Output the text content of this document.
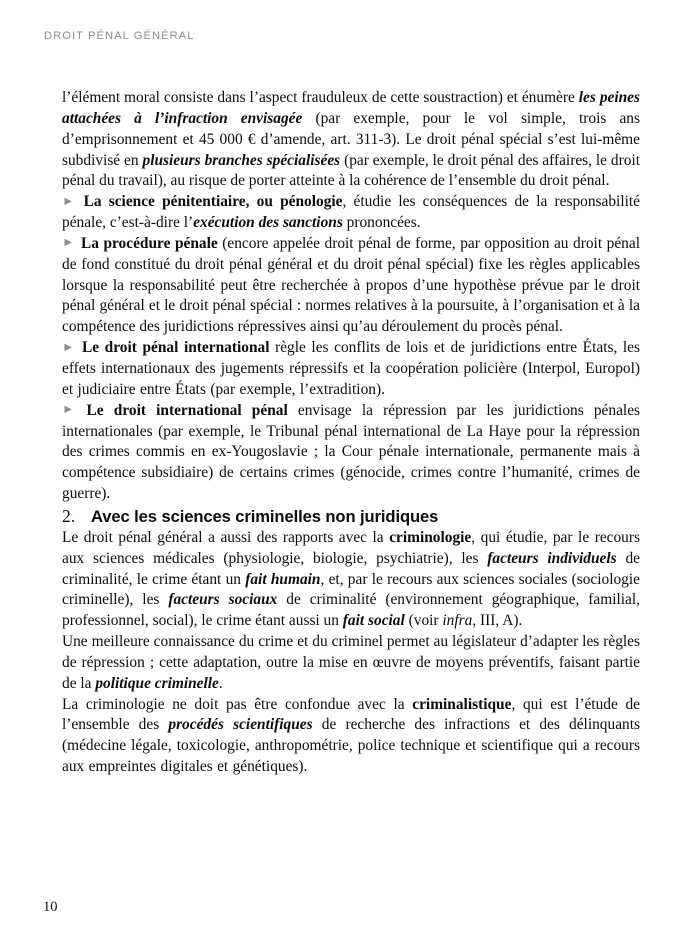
DROIT PÉNAL GÉNÉRAL

l’élément moral consiste dans l’aspect frauduleux de cette soustraction) et énumère les peines attachées à l’infraction envisagée (par exemple, pour le vol simple, trois ans d’emprisonnement et 45 000 € d’amende, art. 311-3). Le droit pénal spécial s’est lui-même subdivisé en plusieurs branches spécialisées (par exemple, le droit pénal des affaires, le droit pénal du travail), au risque de porter atteinte à la cohérence de l’ensemble du droit pénal.

► La science pénitentiaire, ou pénologie, étudie les conséquences de la responsabilité pénale, c’est-à-dire l’exécution des sanctions prononcées.

► La procédure pénale (encore appelée droit pénal de forme, par opposition au droit pénal de fond constitué du droit pénal général et du droit pénal spécial) fixe les règles applicables lorsque la responsabilité peut être recherchée à propos d’une hypothèse prévue par le droit pénal général et le droit pénal spécial : normes relatives à la poursuite, à l’organisation et à la compétence des juridictions répressives ainsi qu’au déroulement du procès pénal.

► Le droit pénal international règle les conflits de lois et de juridictions entre États, les effets internationaux des jugements répressifs et la coopération policière (Interpol, Europol) et judiciaire entre États (par exemple, l’extradition).

► Le droit international pénal envisage la répression par les juridictions pénales internationales (par exemple, le Tribunal pénal international de La Haye pour la répression des crimes commis en ex-Yougoslavie ; la Cour pénale internationale, permanente mais à compétence subsidiaire) de certains crimes (génocide, crimes contre l’humanité, crimes de guerre).

2. Avec les sciences criminelles non juridiques

Le droit pénal général a aussi des rapports avec la criminologie, qui étudie, par le recours aux sciences médicales (physiologie, biologie, psychiatrie), les facteurs individuels de criminalité, le crime étant un fait humain, et, par le recours aux sciences sociales (sociologie criminelle), les facteurs sociaux de criminalité (environnement géographique, familial, professionnel, social), le crime étant aussi un fait social (voir infra, III, A).

Une meilleure connaissance du crime et du criminel permet au législateur d’adapter les règles de répression ; cette adaptation, outre la mise en œuvre de moyens préventifs, faisant partie de la politique criminelle.

La criminologie ne doit pas être confondue avec la criminalistique, qui est l’étude de l’ensemble des procédés scientifiques de recherche des infractions et des délinquants (médecine légale, toxicologie, anthropométrie, police technique et scientifique qui a recours aux empreintes digitales et génétiques).

10
